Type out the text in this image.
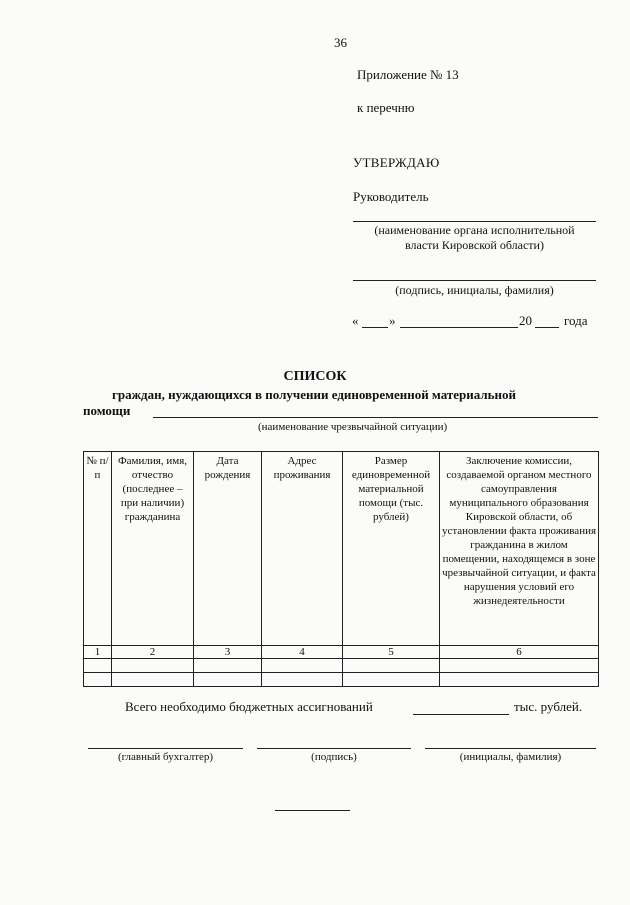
36
Приложение № 13
к перечню
УТВЕРЖДАЮ
Руководитель
(наименование органа исполнительной
власти Кировской области)
(подпись, инициалы, фамилия)
« »	20 года
СПИСОК
граждан, нуждающихся в получении единовременной материальной
помощи
(наименование чрезвычайной ситуации)
№ п/п	Фамилия, имя, отчество (последнее – при наличии) гражданина	Дата рождения	Адрес проживания	Размер единовременной материальной помощи (тыс. рублей)	Заключение комиссии, создаваемой органом местного самоуправления муниципального образования Кировской области, об установлении факта проживания гражданина в жилом помещении, находящемся в зоне чрезвычайной ситуации, и факта нарушения условий его жизнедеятельности
1	2	3	4	5	6

Всего необходимо бюджетных ассигнований	тыс. рублей.
(главный бухгалтер)	(подпись)	(инициалы, фамилия)
